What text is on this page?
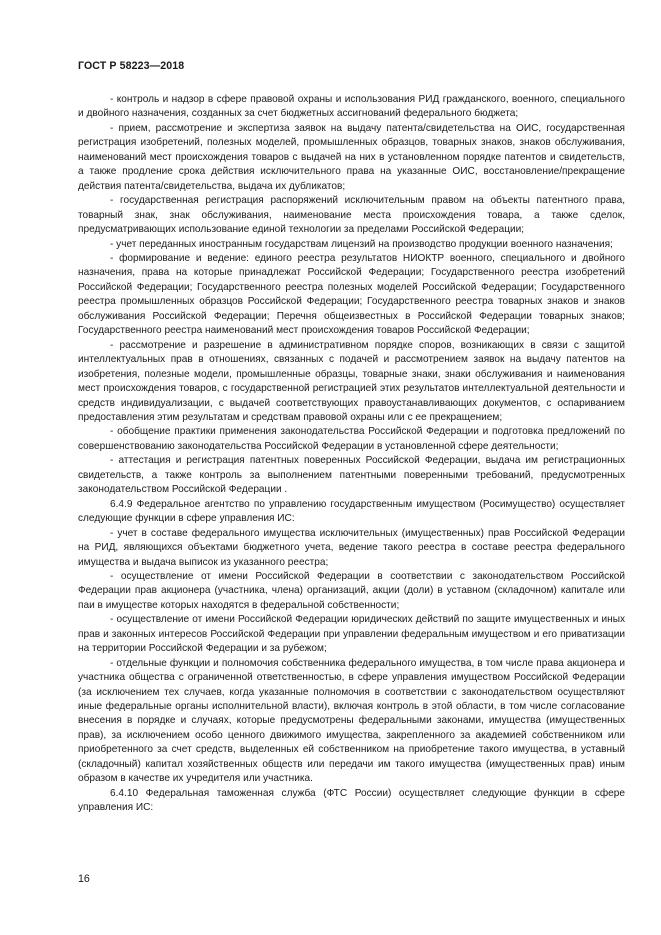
ГОСТ Р 58223—2018

- контроль и надзор в сфере правовой охраны и использования РИД гражданского, военного, специального и двойного назначения, созданных за счет бюджетных ассигнований федерального бюджета;

- прием, рассмотрение и экспертиза заявок на выдачу патента/свидетельства на ОИС, государственная регистрация изобретений, полезных моделей, промышленных образцов, товарных знаков, знаков обслуживания, наименований мест происхождения товаров с выдачей на них в установленном порядке патентов и свидетельств, а также продление срока действия исключительного права на указанные ОИС, восстановление/прекращение действия патента/свидетельства, выдача их дубликатов;

- государственная регистрация распоряжений исключительным правом на объекты патентного права, товарный знак, знак обслуживания, наименование места происхождения товара, а также сделок, предусматривающих использование единой технологии за пределами Российской Федерации;

- учет переданных иностранным государствам лицензий на производство продукции военного назначения;

- формирование и ведение: единого реестра результатов НИОКТР военного, специального и двойного назначения, права на которые принадлежат Российской Федерации; Государственного реестра изобретений Российской Федерации; Государственного реестра полезных моделей Российской Федерации; Государственного реестра промышленных образцов Российской Федерации; Государственного реестра товарных знаков и знаков обслуживания Российской Федерации; Перечня общеизвестных в Российской Федерации товарных знаков; Государственного реестра наименований мест происхождения товаров Российской Федерации;

- рассмотрение и разрешение в административном порядке споров, возникающих в связи с защитой интеллектуальных прав в отношениях, связанных с подачей и рассмотрением заявок на выдачу патентов на изобретения, полезные модели, промышленные образцы, товарные знаки, знаки обслуживания и наименования мест происхождения товаров, с государственной регистрацией этих результатов интеллектуальной деятельности и средств индивидуализации, с выдачей соответствующих правоустанавливающих документов, с оспариванием предоставления этим результатам и средствам правовой охраны или с ее прекращением;

- обобщение практики применения законодательства Российской Федерации и подготовка предложений по совершенствованию законодательства Российской Федерации в установленной сфере деятельности;

- аттестация и регистрация патентных поверенных Российской Федерации, выдача им регистрационных свидетельств, а также контроль за выполнением патентными поверенными требований, предусмотренных законодательством Российской Федерации .

6.4.9 Федеральное агентство по управлению государственным имуществом (Росимущество) осуществляет следующие функции в сфере управления ИС:

- учет в составе федерального имущества исключительных (имущественных) прав Российской Федерации на РИД, являющихся объектами бюджетного учета, ведение такого реестра в составе реестра федерального имущества и выдача выписок из указанного реестра;

- осуществление от имени Российской Федерации в соответствии с законодательством Российской Федерации прав акционера (участника, члена) организаций, акции (доли) в уставном (складочном) капитале или паи в имуществе которых находятся в федеральной собственности;

- осуществление от имени Российской Федерации юридических действий по защите имущественных и иных прав и законных интересов Российской Федерации при управлении федеральным имуществом и его приватизации на территории Российской Федерации и за рубежом;

- отдельные функции и полномочия собственника федерального имущества, в том числе права акционера и участника общества с ограниченной ответственностью, в сфере управления имуществом Российской Федерации (за исключением тех случаев, когда указанные полномочия в соответствии с законодательством осуществляют иные федеральные органы исполнительной власти), включая контроль в этой области, в том числе согласование внесения в порядке и случаях, которые предусмотрены федеральными законами, имущества (имущественных прав), за исключением особо ценного движимого имущества, закрепленного за академией собственником или приобретенного за счет средств, выделенных ей собственником на приобретение такого имущества, в уставный (складочный) капитал хозяйственных обществ или передачи им такого имущества (имущественных прав) иным образом в качестве их учредителя или участника.

6.4.10 Федеральная таможенная служба (ФТС России) осуществляет следующие функции в сфере управления ИС:

16
